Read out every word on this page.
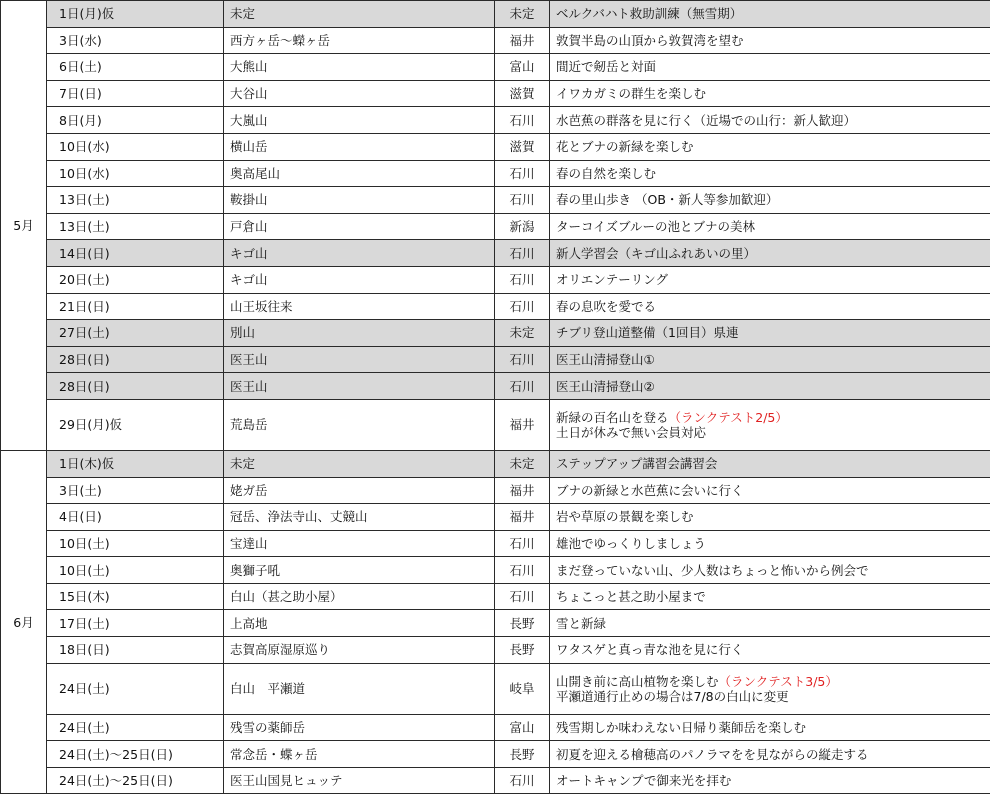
5月	1日(月)仮	未定	未定	ベルクバハト救助訓練（無雪期）
	3日(水)	西方ヶ岳～蠑ヶ岳	福井	敦賀半島の山頂から敦賀湾を望む
	6日(土)	大熊山	富山	間近で剱岳と対面
	7日(日)	大谷山	滋賀	イワカガミの群生を楽しむ
	8日(月)	大嵐山	石川	水芭蕉の群落を見に行く（近場での山行：新人歓迎）
	10日(水)	横山岳	滋賀	花とブナの新緑を楽しむ
	10日(水)	奥高尾山	石川	春の自然を楽しむ
	13日(土)	鞍掛山	石川	春の里山歩き （OB・新人等参加歓迎）
	13日(土)	戸倉山	新潟	ターコイズブルーの池とブナの美林
	14日(日)	キゴ山	石川	新人学習会（キゴ山ふれあいの里）
	20日(土)	キゴ山	石川	オリエンテーリング
	21日(日)	山王坂往来	石川	春の息吹を愛でる
	27日(土)	別山	未定	チブリ登山道整備（1回目）県連
	28日(日)	医王山	石川	医王山清掃登山①
	28日(日)	医王山	石川	医王山清掃登山②
	29日(月)仮	荒島岳	福井	新緑の百名山を登る（ランクテスト2/5）
土日が休みで無い会員対応

6月	1日(木)仮	未定	未定	ステップアップ講習会講習会
	3日(土)	姥ガ岳	福井	ブナの新緑と水芭蕉に会いに行く
	4日(日)	冠岳、浄法寺山、丈競山	福井	岩や草原の景観を楽しむ
	10日(土)	宝達山	石川	雄池でゆっくりしましょう
	10日(土)	奥獅子吼	石川	まだ登っていない山、少人数はちょっと怖いから例会で
	15日(木)	白山（甚之助小屋）	石川	ちょこっと甚之助小屋まで
	17日(土)	上高地	長野	雪と新緑
	18日(日)	志賀高原湿原巡り	長野	ワタスゲと真っ青な池を見に行く
	24日(土)	白山　平瀬道	岐阜	山開き前に高山植物を楽しむ（ランクテスト3/5）
平瀬道通行止めの場合は7/8の白山に変更

	24日(土)	残雪の薬師岳	富山	残雪期しか味わえない日帰り薬師岳を楽しむ
	24日(土)～25日(日)	常念岳・蝶ヶ岳	長野	初夏を迎える檜穂高のパノラマをを見ながらの縦走する
	24日(土)～25日(日)	医王山国見ヒュッテ	石川	オートキャンプで御来光を拝む
